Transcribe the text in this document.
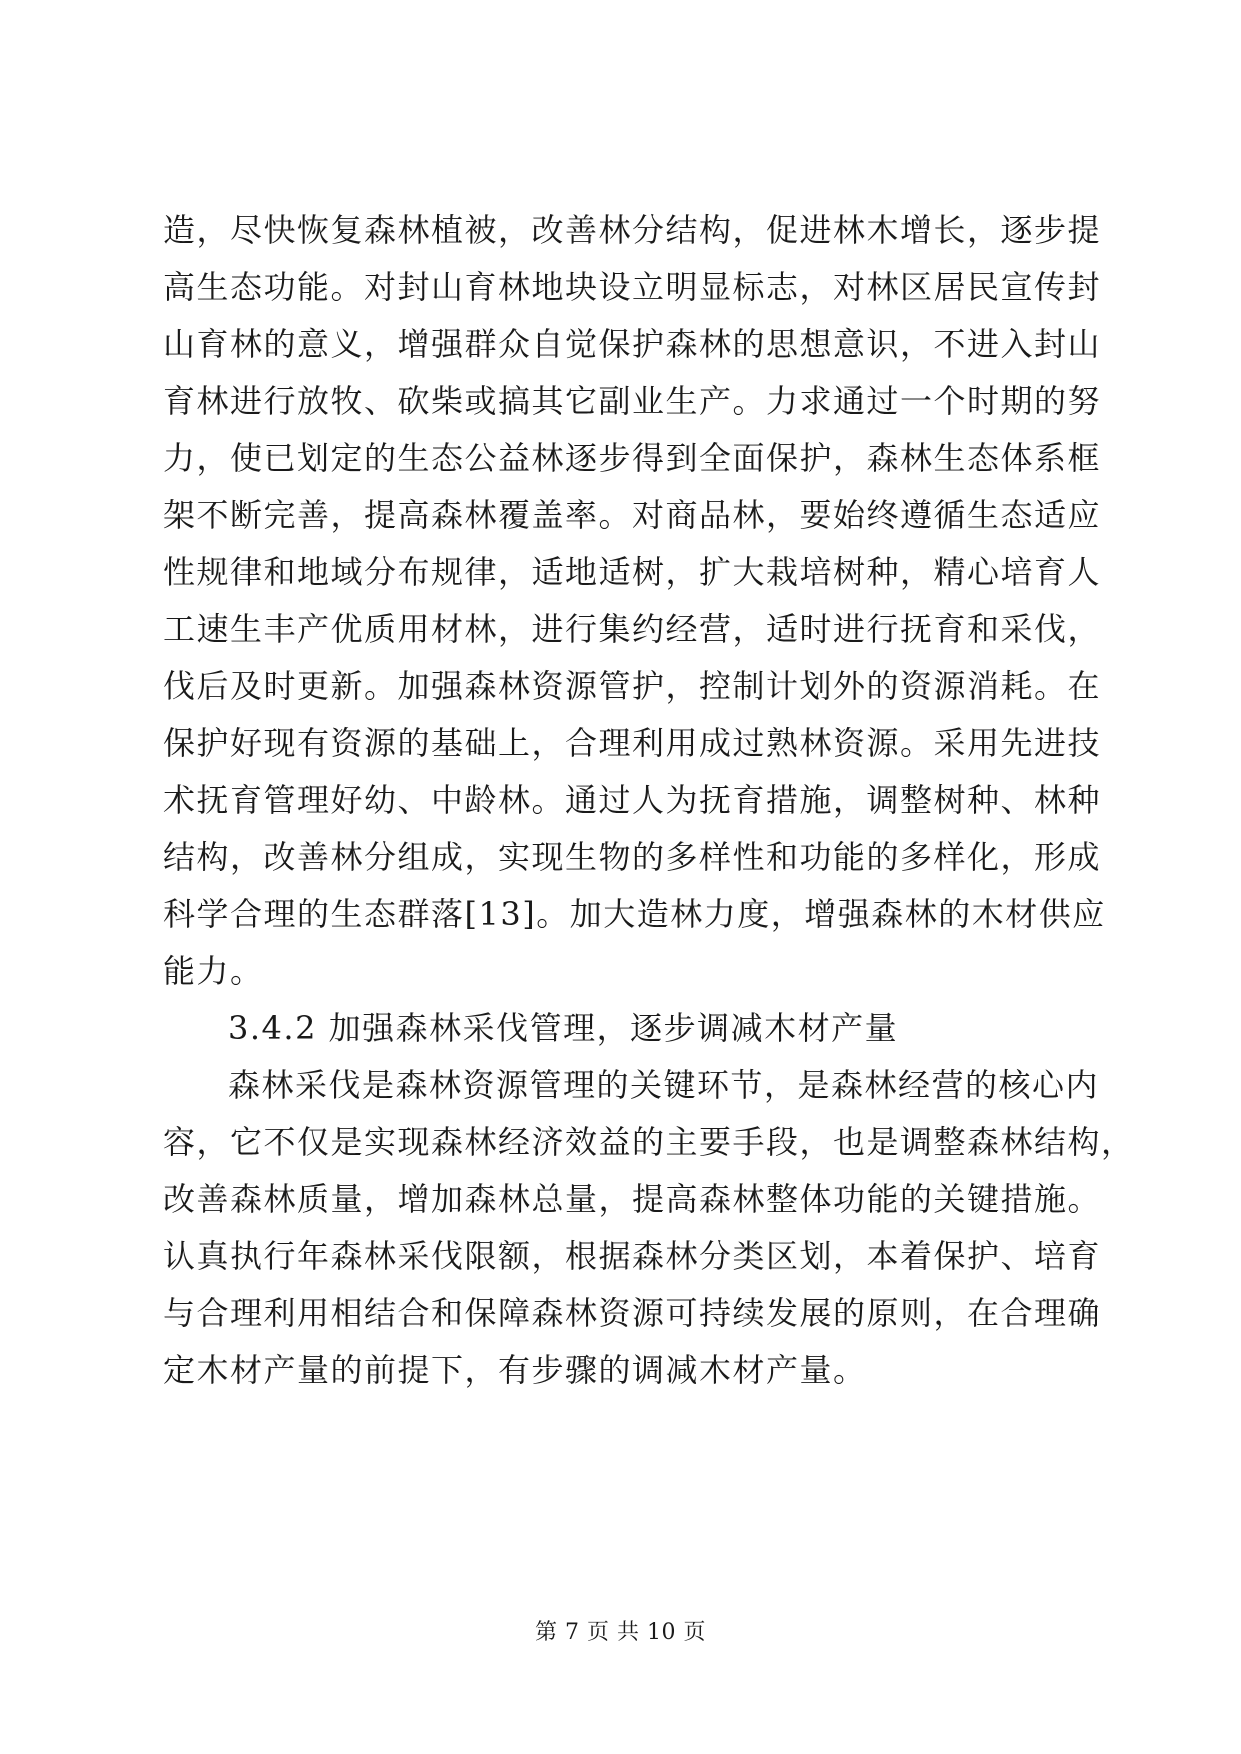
造，尽快恢复森林植被，改善林分结构，促进林木增长，逐步提
高生态功能。对封山育林地块设立明显标志，对林区居民宣传封
山育林的意义，增强群众自觉保护森林的思想意识，不进入封山
育林进行放牧、砍柴或搞其它副业生产。力求通过一个时期的努
力，使已划定的生态公益林逐步得到全面保护，森林生态体系框
架不断完善，提高森林覆盖率。对商品林，要始终遵循生态适应
性规律和地域分布规律，适地适树，扩大栽培树种，精心培育人
工速生丰产优质用材林，进行集约经营，适时进行抚育和采伐，
伐后及时更新。加强森林资源管护，控制计划外的资源消耗。在
保护好现有资源的基础上，合理利用成过熟林资源。采用先进技
术抚育管理好幼、中龄林。通过人为抚育措施，调整树种、林种
结构，改善林分组成，实现生物的多样性和功能的多样化，形成
科学合理的生态群落[13]。加大造林力度，增强森林的木材供应
能力。
3.4.2 加强森林采伐管理，逐步调减木材产量
森林采伐是森林资源管理的关键环节，是森林经营的核心内
容，它不仅是实现森林经济效益的主要手段，也是调整森林结构，
改善森林质量，增加森林总量，提高森林整体功能的关键措施。
认真执行年森林采伐限额，根据森林分类区划，本着保护、培育
与合理利用相结合和保障森林资源可持续发展的原则，在合理确
定木材产量的前提下，有步骤的调减木材产量。
第 7 页 共 10 页
